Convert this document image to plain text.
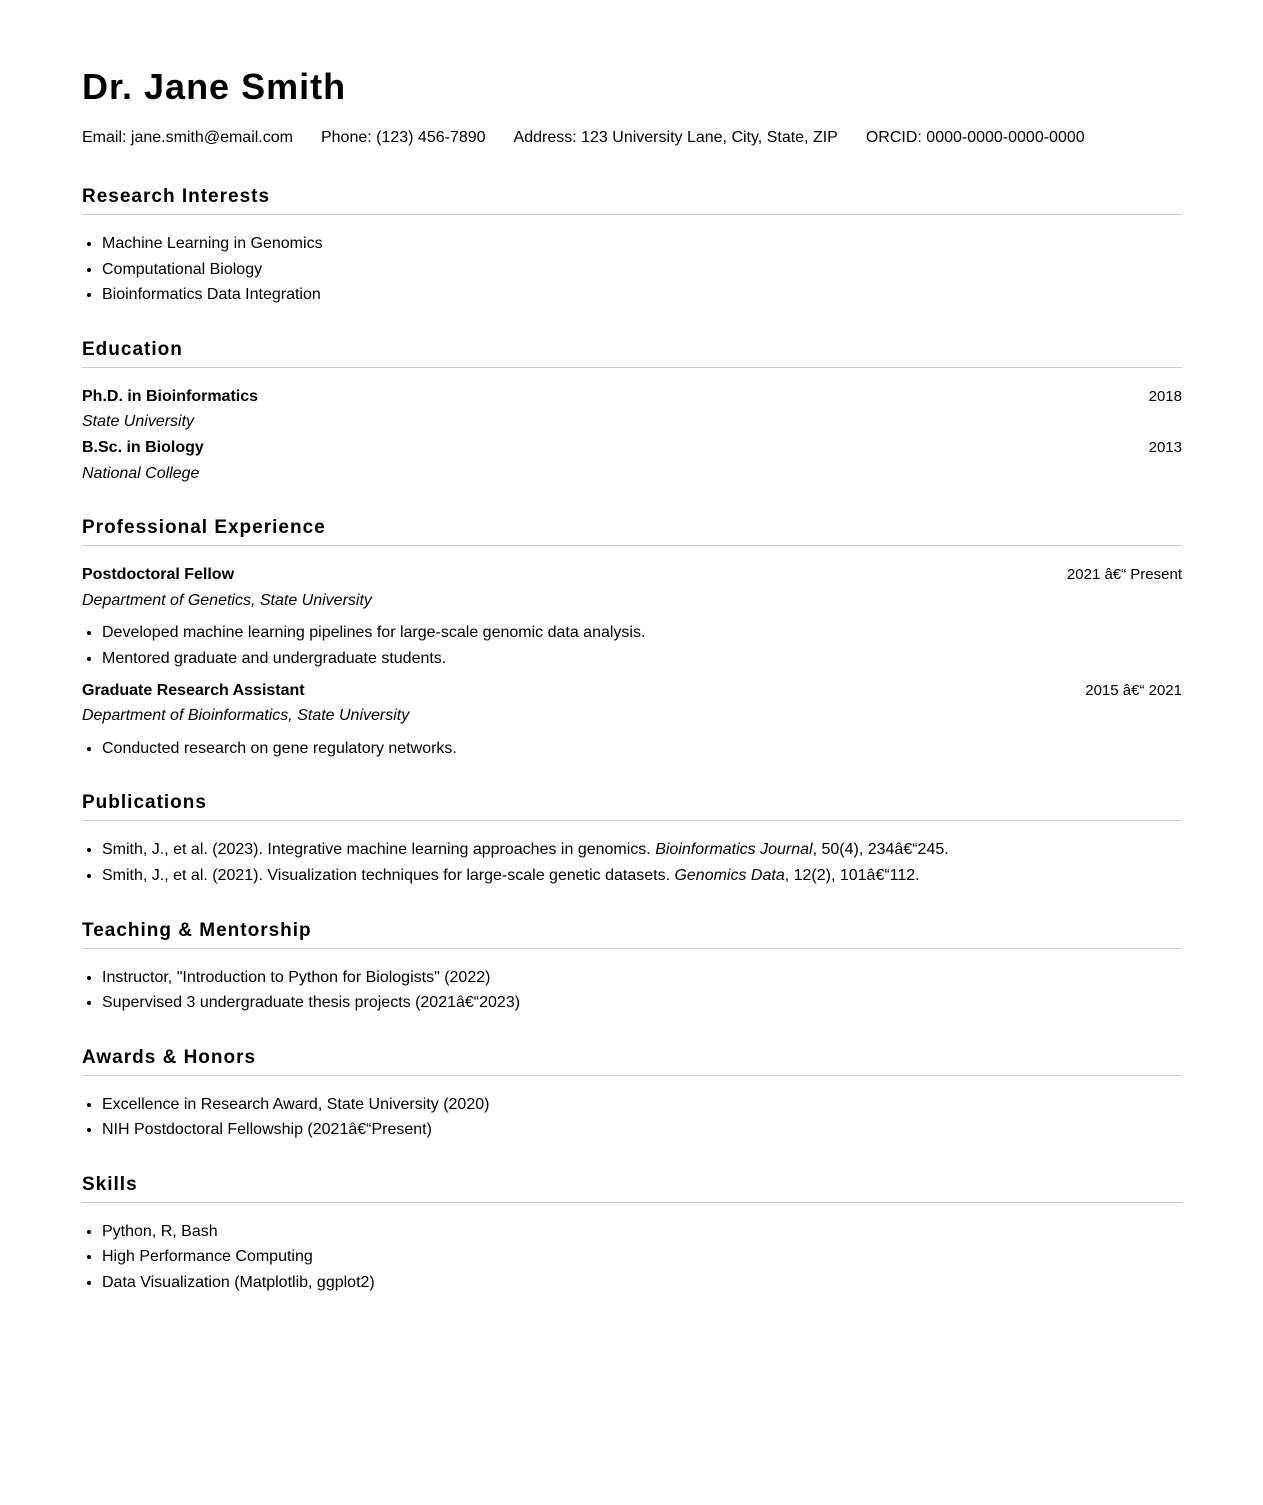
Dr. Jane Smith
Email: jane.smith@email.com Phone: (123) 456-7890 Address: 123 University Lane, City, State, ZIP ORCID: 0000-0000-0000-0000
Research Interests
• Machine Learning in Genomics
• Computational Biology
• Bioinformatics Data Integration
Education
Ph.D. in Bioinformatics	2018
State University
B.Sc. in Biology	2013
National College
Professional Experience
Postdoctoral Fellow	2021 â€“ Present
Department of Genetics, State University
• Developed machine learning pipelines for large-scale genomic data analysis.
• Mentored graduate and undergraduate students.
Graduate Research Assistant	2015 â€“ 2021
Department of Bioinformatics, State University
• Conducted research on gene regulatory networks.
Publications
• Smith, J., et al. (2023). Integrative machine learning approaches in genomics. Bioinformatics Journal, 50(4), 234â€“245.
• Smith, J., et al. (2021). Visualization techniques for large-scale genetic datasets. Genomics Data, 12(2), 101â€“112.
Teaching & Mentorship
• Instructor, "Introduction to Python for Biologists" (2022)
• Supervised 3 undergraduate thesis projects (2021â€“2023)
Awards & Honors
• Excellence in Research Award, State University (2020)
• NIH Postdoctoral Fellowship (2021â€“Present)
Skills
• Python, R, Bash
• High Performance Computing
• Data Visualization (Matplotlib, ggplot2)
